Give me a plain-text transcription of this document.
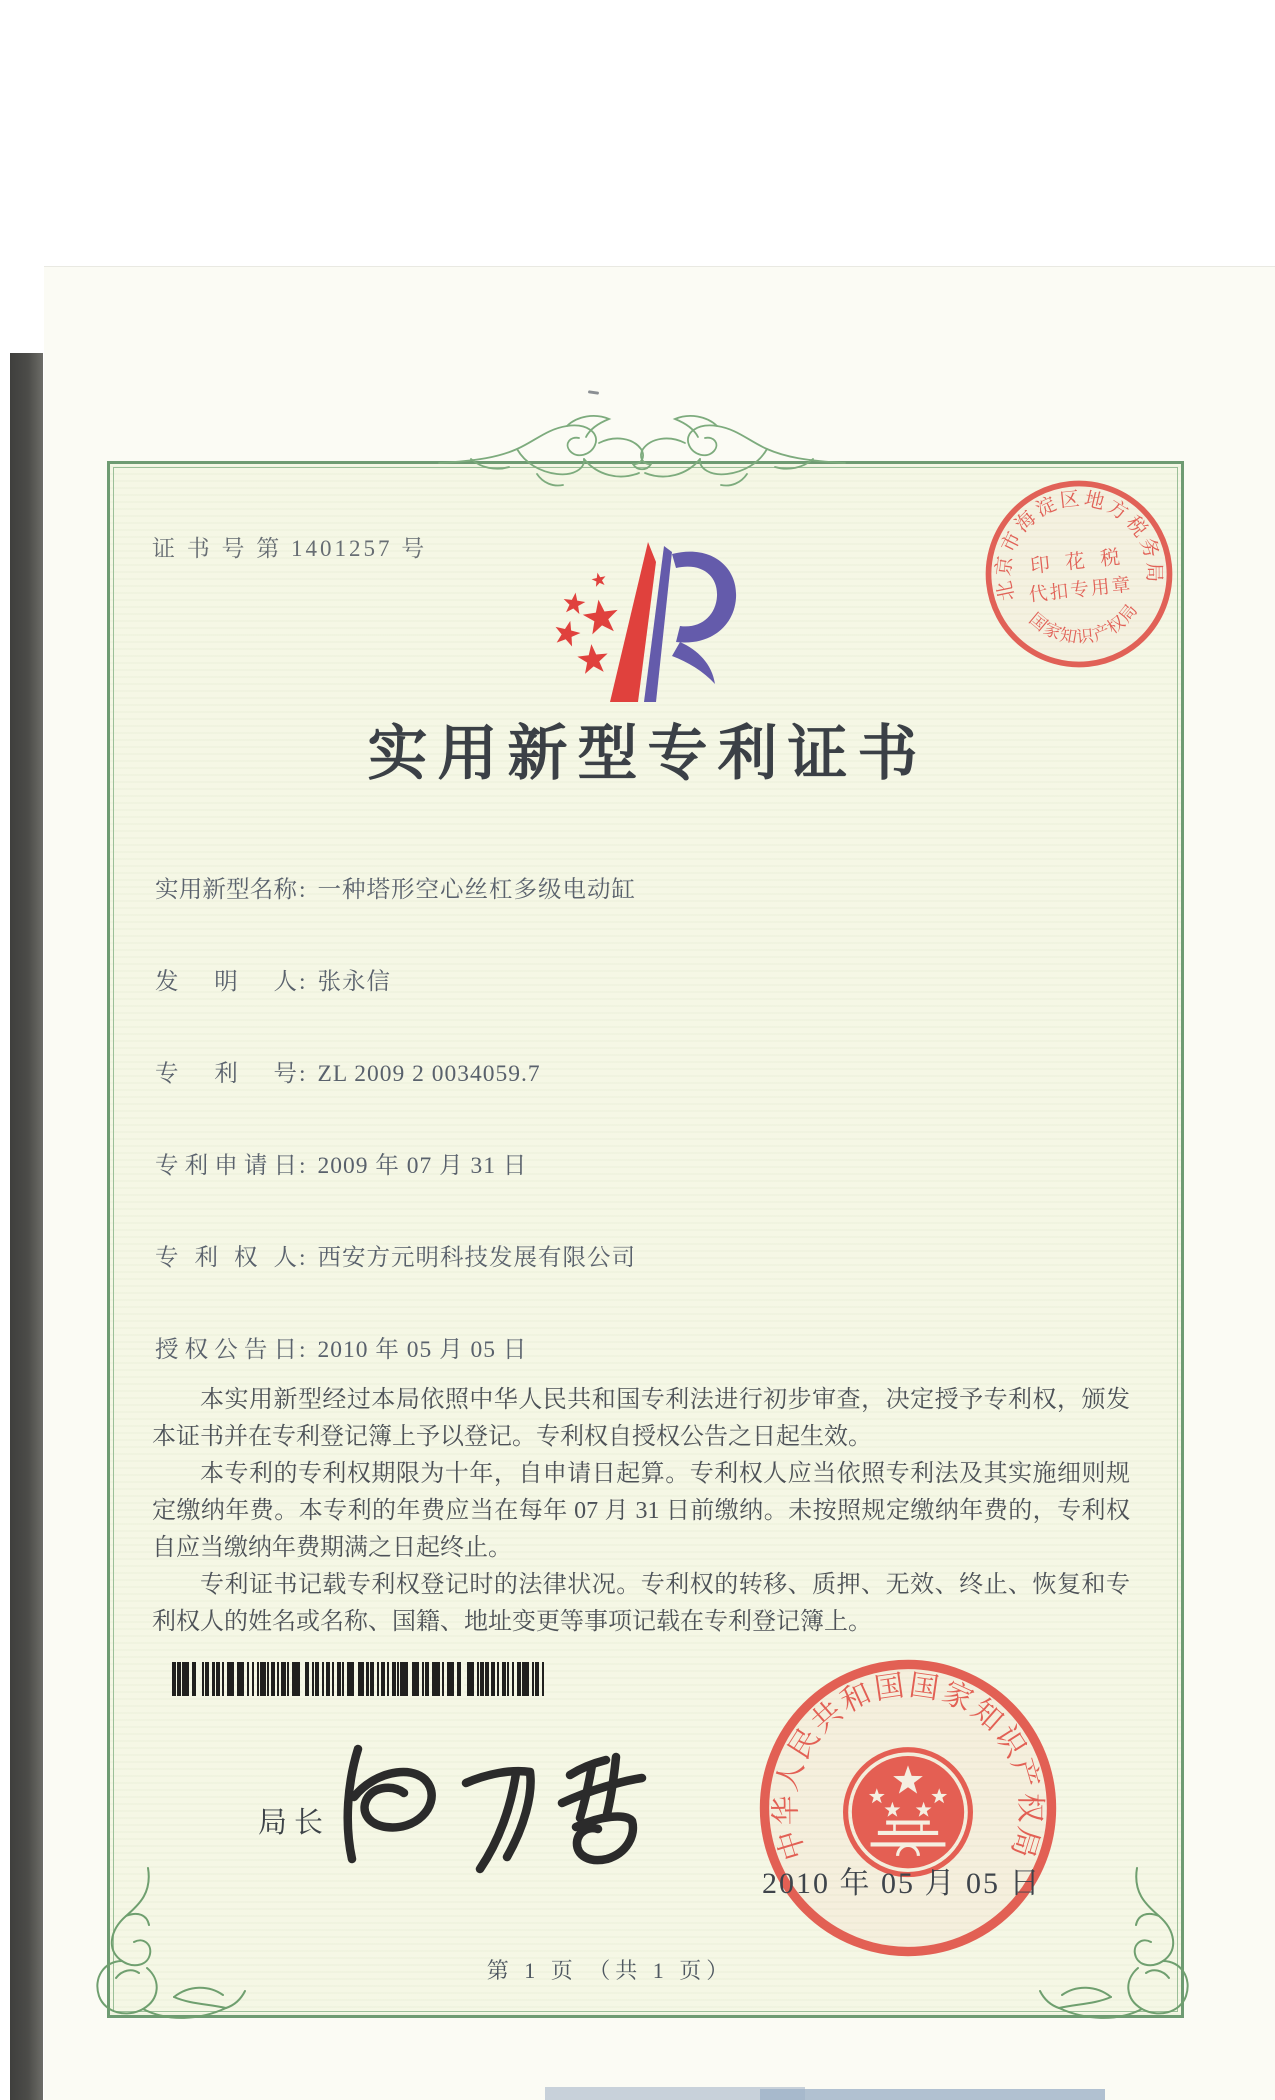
证 书 号 第 1401257 号
实用新型专利证书
实用新型名称: 一种塔形空心丝杠多级电动缸
发明人: 张永信
专利号: ZL 2009 2 0034059.7
专利申请日: 2009 年 07 月 31 日
专利权人: 西安方元明科技发展有限公司
授权公告日: 2010 年 05 月 05 日

本实用新型经过本局依照中华人民共和国专利法进行初步审查，决定授予专利权，颁发本证书并在专利登记簿上予以登记。专利权自授权公告之日起生效。

本专利的专利权期限为十年，自申请日起算。专利权人应当依照专利法及其实施细则规定缴纳年费。本专利的年费应当在每年 07 月 31 日前缴纳。未按照规定缴纳年费的，专利权自应当缴纳年费期满之日起终止。

专利证书记载专利权登记时的法律状况。专利权的转移、质押、无效、终止、恢复和专利权人的姓名或名称、国籍、地址变更等事项记载在专利登记簿上。

局长
中华人民共和国国家知识产权局
2010 年 05 月 05 日
北京市海淀区地方税务局
国家知识产权局
印 花 税
代扣专用章
第 1 页 （共 1 页）
